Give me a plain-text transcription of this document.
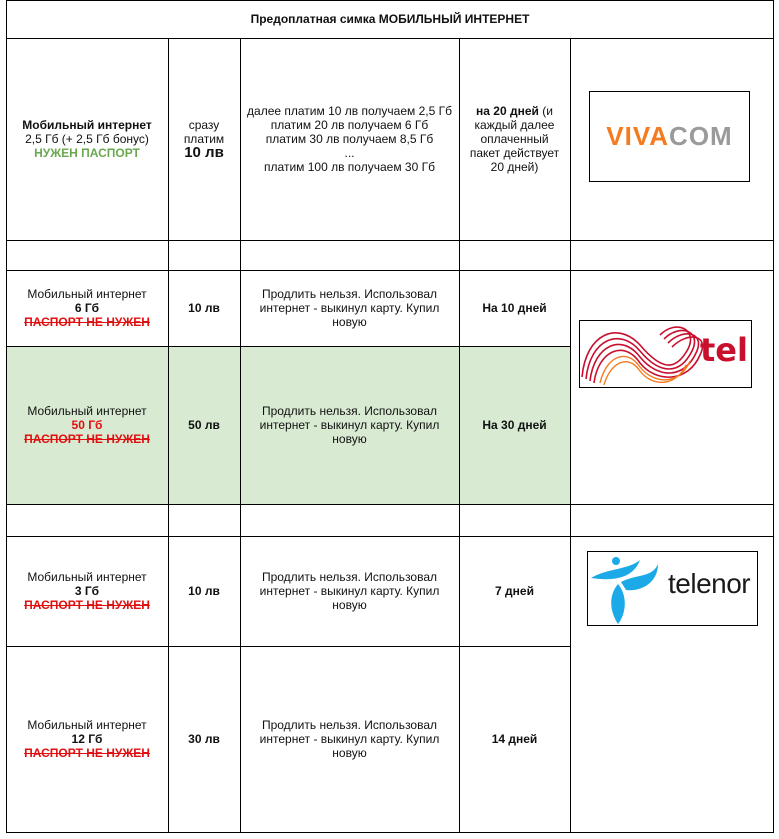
Предоплатная симка МОБИЛЬНЫЙ ИНТЕРНЕТ
Мобильный интернет
2,5 Гб (+ 2,5 Гб бонус)
НУЖЕН ПАСПОРТ
сразу платим
10 лв
далее платим 10 лв получаем 2,5 Гб
платим 20 лв получаем 6 Гб
платим 30 лв получаем 8,5 Гб
...
платим 100 лв получаем 30 Гб
на 20 дней (и каждый далее оплаченный пакет действует 20 дней)
VIVACOM
Мобильный интернет
6 Гб
ПАСПОРТ НЕ НУЖЕН
10 лв
Продлить нельзя. Использовал интернет - выкинул карту. Купил новую
На 10 дней
Мобильный интернет
50 Гб
ПАСПОРТ НЕ НУЖЕН
50 лв
Продлить нельзя. Использовал интернет - выкинул карту. Купил новую
На 30 дней
tel
Мобильный интернет
3 Гб
ПАСПОРТ НЕ НУЖЕН
10 лв
Продлить нельзя. Использовал интернет - выкинул карту. Купил новую
7 дней
Мобильный интернет
12 Гб
ПАСПОРТ НЕ НУЖЕН
30 лв
Продлить нельзя. Использовал интернет - выкинул карту. Купил новую
14 дней
telenor
